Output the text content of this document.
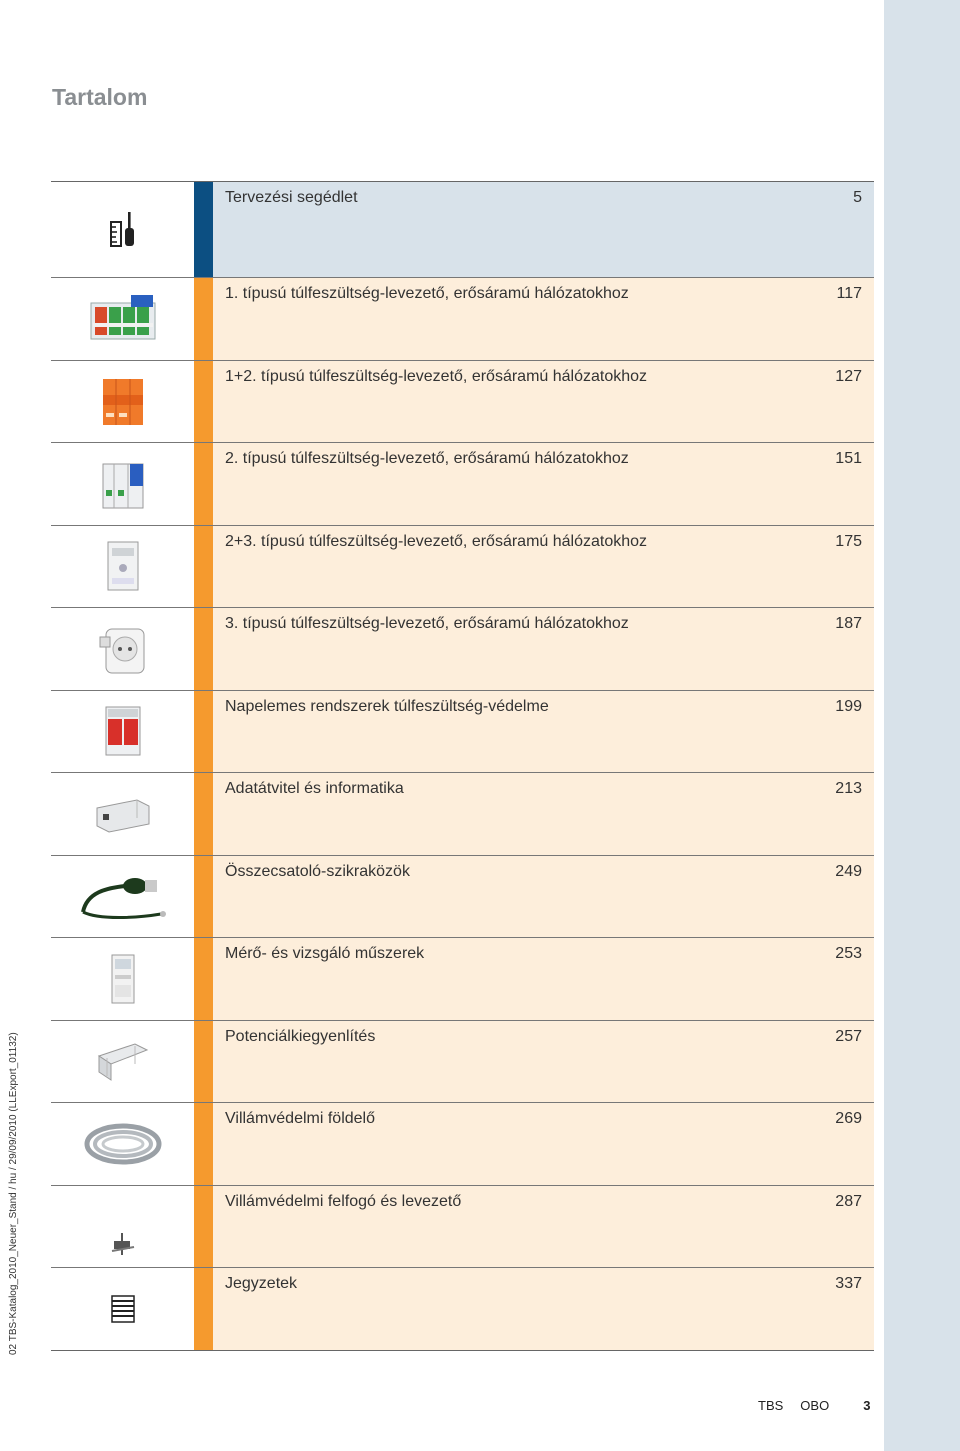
Tartalom
Tervezési segédlet	5
1. típusú túlfeszültség-levezető, erősáramú hálózatokhoz	117
1+2. típusú túlfeszültség-levezető, erősáramú hálózatokhoz	127
2. típusú túlfeszültség-levezető, erősáramú hálózatokhoz	151
2+3. típusú túlfeszültség-levezető, erősáramú hálózatokhoz	175
3. típusú túlfeszültség-levezető, erősáramú hálózatokhoz	187
Napelemes rendszerek túlfeszültség-védelme	199
Adatátvitel és informatika	213
Összecsatoló-szikraközök	249
Mérő- és vizsgáló műszerek	253
Potenciálkiegyenlítés	257
Villámvédelmi földelő	269
Villámvédelmi felfogó és levezető	287
Jegyzetek	337
02 TBS-Katalog_2010_Neuer_Stand / hu / 29/09/2010 (LLExport_01132)
TBS OBO	3
